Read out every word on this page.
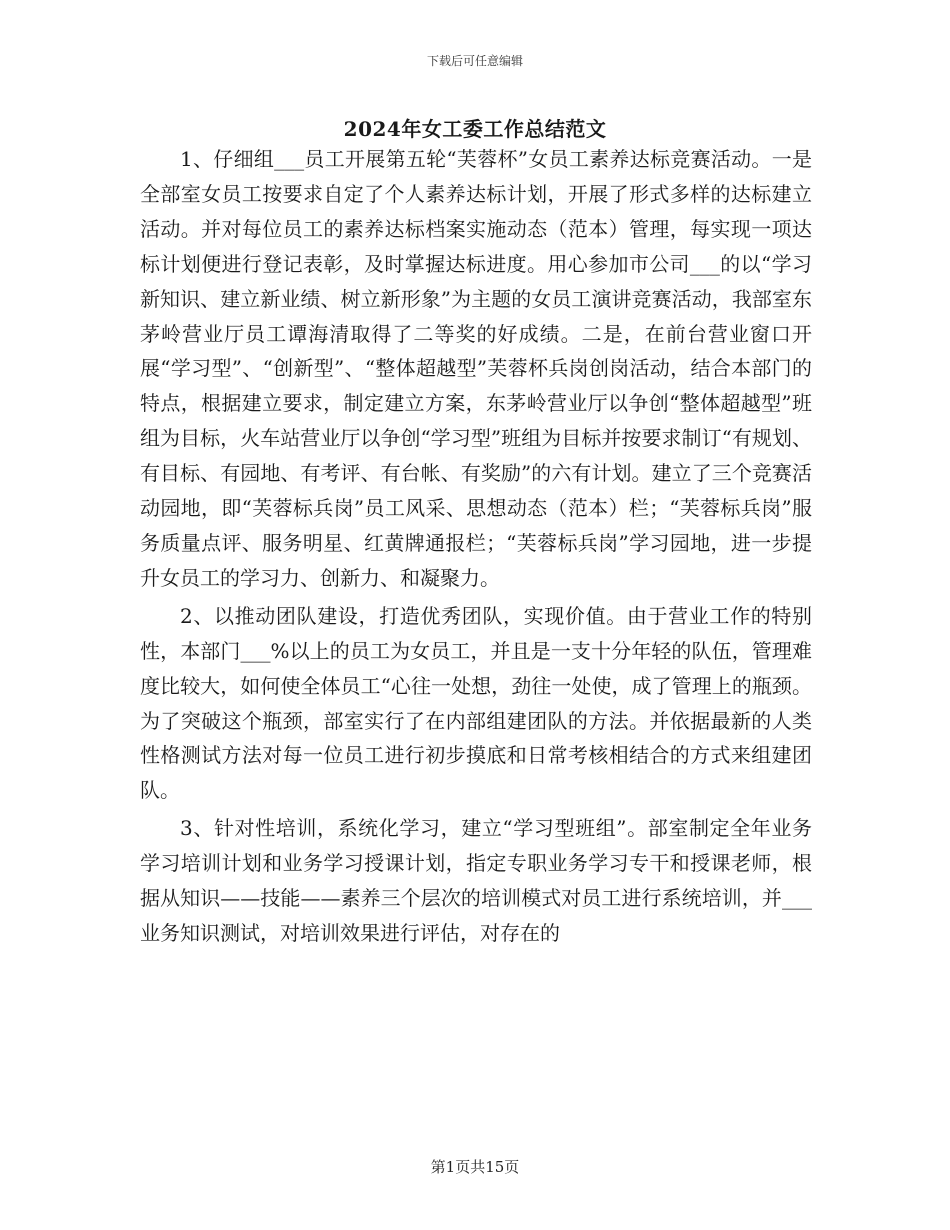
下载后可任意编辑
2024年女工委工作总结范文

1、仔细组___员工开展第五轮“芙蓉杯”女员工素养达标竞赛活动。一是全部室女员工按要求自定了个人素养达标计划，开展了形式多样的达标建立活动。并对每位员工的素养达标档案实施动态（范本）管理，每实现一项达标计划便进行登记表彰，及时掌握达标进度。用心参加市公司___的以“学习新知识、建立新业绩、树立新形象”为主题的女员工演讲竞赛活动，我部室东茅岭营业厅员工谭海清取得了二等奖的好成绩。二是，在前台营业窗口开展“学习型”、“创新型”、“整体超越型”芙蓉杯兵岗创岗活动，结合本部门的特点，根据建立要求，制定建立方案，东茅岭营业厅以争创“整体超越型”班组为目标，火车站营业厅以争创“学习型”班组为目标并按要求制订“有规划、有目标、有园地、有考评、有台帐、有奖励”的六有计划。建立了三个竞赛活动园地，即“芙蓉标兵岗”员工风采、思想动态（范本）栏；“芙蓉标兵岗”服务质量点评、服务明星、红黄牌通报栏；“芙蓉标兵岗”学习园地，进一步提升女员工的学习力、创新力、和凝聚力。

2、以推动团队建设，打造优秀团队，实现价值。由于营业工作的特别性，本部门___%以上的员工为女员工，并且是一支十分年轻的队伍，管理难度比较大，如何使全体员工“心往一处想，劲往一处使，成了管理上的瓶颈。为了突破这个瓶颈，部室实行了在内部组建团队的方法。并依据最新的人类性格测试方法对每一位员工进行初步摸底和日常考核相结合的方式来组建团队。

3、针对性培训，系统化学习，建立“学习型班组”。部室制定全年业务学习培训计划和业务学习授课计划，指定专职业务学习专干和授课老师，根据从知识——技能——素养三个层次的培训模式对员工进行系统培训，并___业务知识测试，对培训效果进行评估，对存在的

第1页共15页
